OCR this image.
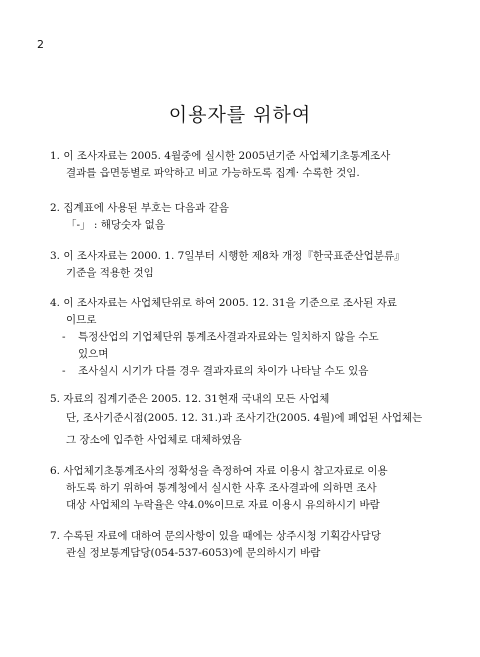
2
이용자를 위하여
1. 이 조사자료는 2005. 4월중에 실시한 2005년기준 사업체기초통계조사
결과를 읍면동별로 파악하고 비교 가능하도록 집계· 수록한 것임.
2. 집계표에 사용된 부호는 다음과 같음
「-」 : 해당숫자 없음
3. 이 조사자료는 2000. 1. 7일부터 시행한 제8차 개정『한국표준산업분류』
기준을 적용한 것임
4. 이 조사자료는 사업체단위로 하여 2005. 12. 31을 기준으로 조사된 자료
이므로
- 특정산업의 기업체단위 통계조사결과자료와는 일치하지 않을 수도
있으며
- 조사실시 시기가 다를 경우 결과자료의 차이가 나타날 수도 있음
5. 자료의 집계기준은 2005. 12. 31현재 국내의 모든 사업체
단, 조사기준시점(2005. 12. 31.)과 조사기간(2005. 4월)에 폐업된 사업체는
그 장소에 입주한 사업체로 대체하였음
6. 사업체기초통계조사의 정확성을 측정하여 자료 이용시 참고자료로 이용
하도록 하기 위하여 통계청에서 실시한 사후 조사결과에 의하면 조사
대상 사업체의 누락율은 약4.0%이므로 자료 이용시 유의하시기 바람
7. 수록된 자료에 대하여 문의사항이 있을 때에는 상주시청 기획감사담당
관실 정보통계담당(054-537-6053)에 문의하시기 바람
